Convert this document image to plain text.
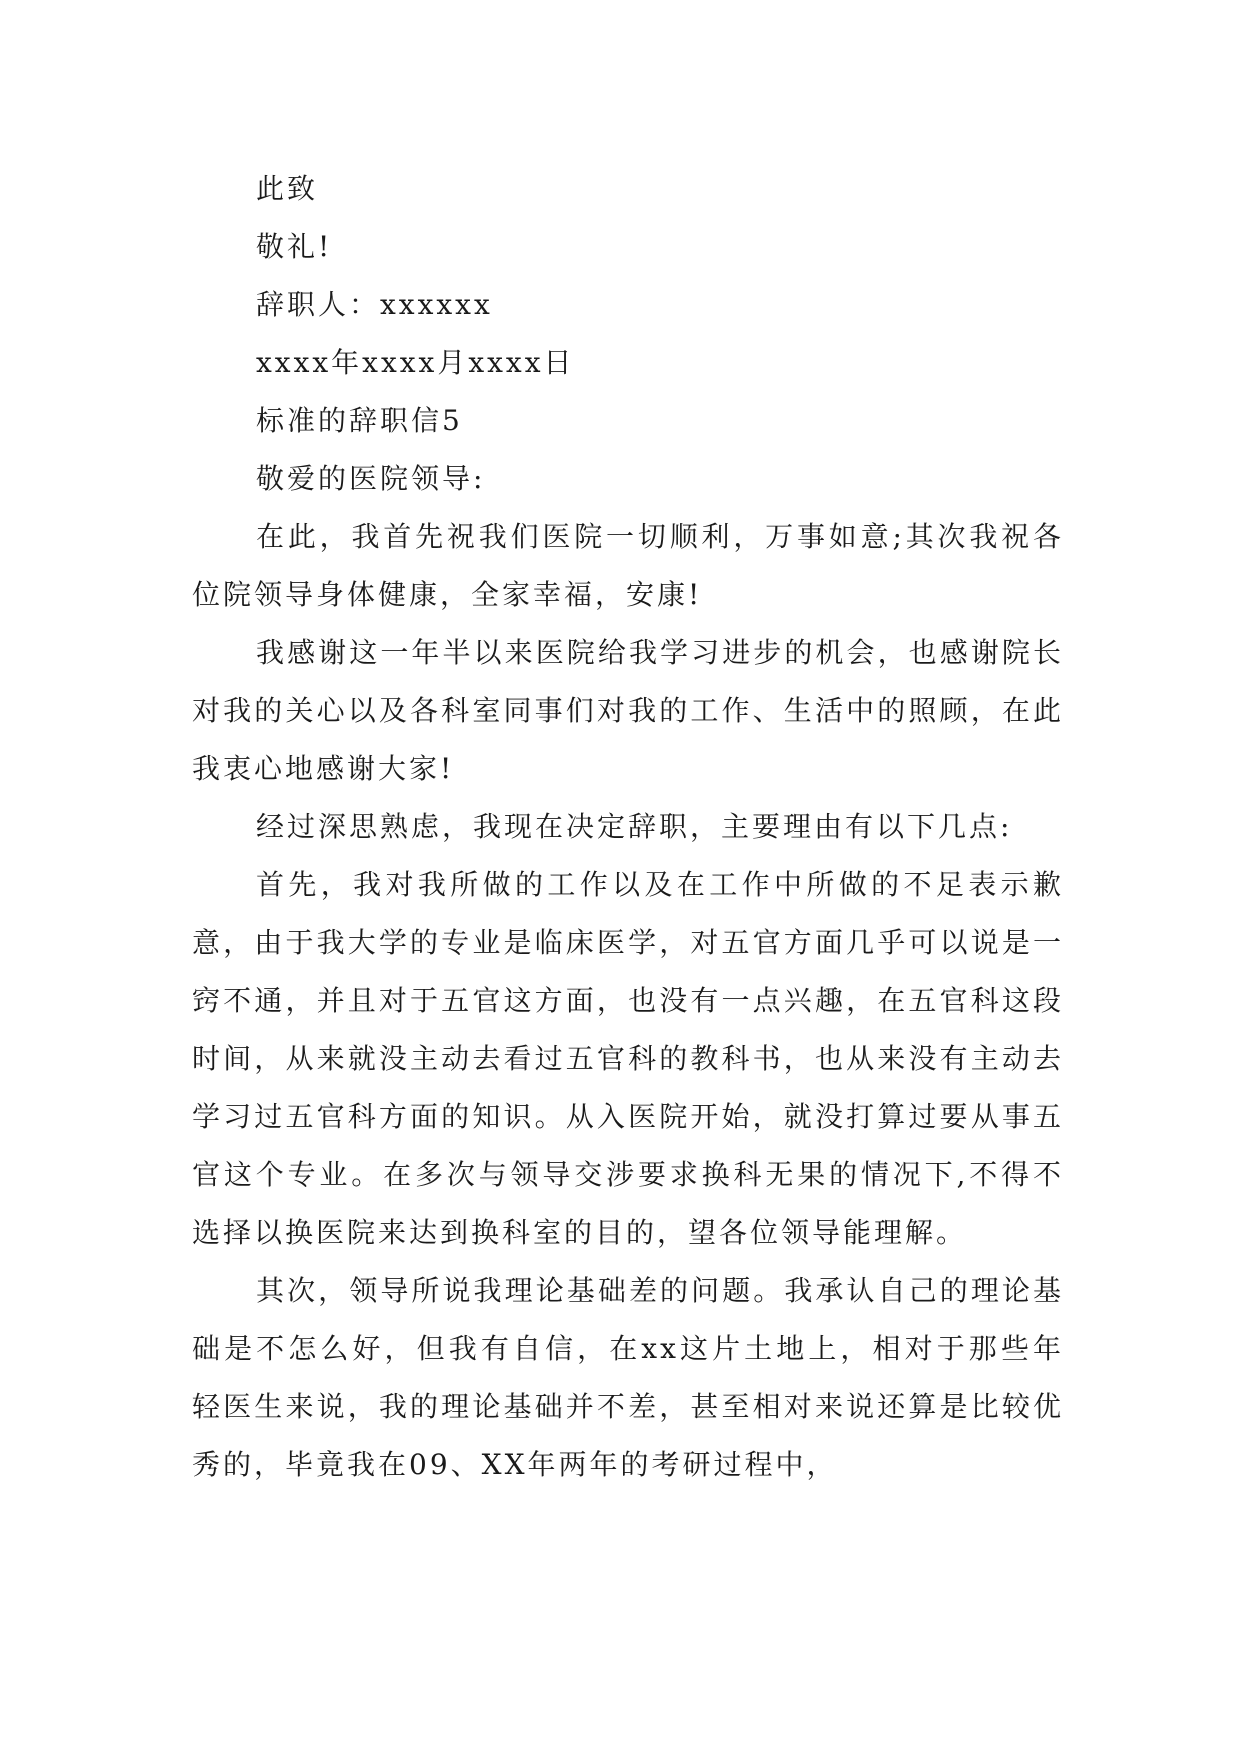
此致

敬礼!

辞职人：xxxxxx

xxxx年xxxx月xxxx日

标准的辞职信5

敬爱的医院领导:

在此，我首先祝我们医院一切顺利，万事如意;其次我祝各位院领导身体健康，全家幸福，安康!

我感谢这一年半以来医院给我学习进步的机会，也感谢院长对我的关心以及各科室同事们对我的工作、生活中的照顾，在此我衷心地感谢大家!

经过深思熟虑，我现在决定辞职，主要理由有以下几点:

首先，我对我所做的工作以及在工作中所做的不足表示歉意，由于我大学的专业是临床医学，对五官方面几乎可以说是一窍不通，并且对于五官这方面，也没有一点兴趣，在五官科这段时间，从来就没主动去看过五官科的教科书，也从来没有主动去学习过五官科方面的知识。从入医院开始，就没打算过要从事五官这个专业。在多次与领导交涉要求换科无果的情况下,不得不选择以换医院来达到换科室的目的，望各位领导能理解。

其次，领导所说我理论基础差的问题。我承认自己的理论基础是不怎么好，但我有自信，在xx这片土地上，相对于那些年轻医生来说，我的理论基础并不差，甚至相对来说还算是比较优秀的，毕竟我在09、XX年两年的考研过程中，
